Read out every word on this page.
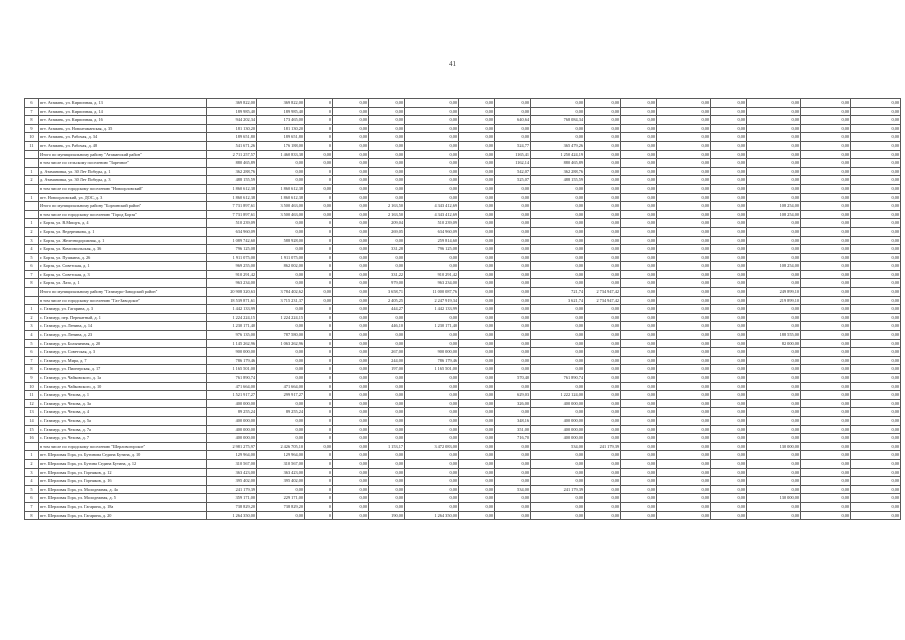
41
6	пгт. Атамань, ул. Кирпичная, д. 13	369 822,00	369 822,00	0	0,00	0,00	0,00	0,00	0,00	0,00	0,00	0,00	0,00	0,00	0,00	0,00	0,00
7	пгт. Атамань, ул. Кирпичная, д. 14	189 985,40	189 985,40	0	0,00	0,00	0,00	0,00	0,00	0,00	0,00	0,00	0,00	0,00	0,00	0,00	0,00
8	пгт. Атамань, ул. Кирпичная, д. 16	944 202,34	173 465,00	0	0,00	0,00	0,00	0,00	640,64	768 084,34	0,00	0,00	0,00	0,00	0,00	0,00	0,00
9	пгт. Атамань, ул. Новоатаманская, д. 35	181 130,20	181 130,20	0	0,00	0,00	0,00	0,00	0,00	0,00	0,00	0,00	0,00	0,00	0,00	0,00	0,00
10	пгт. Атамань, ул. Рабочая, д. 34	189 651,80	189 651,80	0	0,00	0,00	0,00	0,00	0,00	0,00	0,00	0,00	0,00	0,00	0,00	0,00	0,00
11	пгт. Атамань, ул. Рабочая, д. 48	541 671,26	176 188,00	0	0,00	0,00	0,00	0,00	524,77	365 479,26	0,00	0,00	0,00	0,00	0,00	0,00	0,00
	Итого по муниципальному району "Атаманский район"	2 711 257,57	1 460 833,38	0,00	0,00	0,00	0,00	0,00	1165,41	1 250 424,19	0,00	0,00	0,00	0,00	0,00	0,00	0,00
	в том числе по сельскому поселению "Заречное"	880 465,89	0,00	0,00	0,00	0,00	0,00	0,00	1162,14	880 465,89	0,00	0,00	0,00	0,00	0,00	0,00	0,00
1	д. Атамановка, ул. 30 Лет Победы, д. 1	362 288,76	0,00	0	0,00	0,00	0,00	0,00	542,07	362 288,76	0,00	0,00	0,00	0,00	0,00	0,00	0,00
2	д. Атамановка, ул. 30 Лет Победы, д. 3	488 155,59	0,00	0	0,00	0,00	0,00	0,00	525,07	488 155,59	0,00	0,00	0,00	0,00	0,00	0,00	0,00
	в том числе по городскому поселению "Новоорловский"	1 860 612,38	1 860 612,38	0,00	0,00	0,00	0,00	0,00	0,00	0,00	0,00	0,00	0,00	0,00	0,00	0,00	0,00
1	пгт. Новоорловский, ул. ДОС, д. 3	1 860 612,38	1 860 612,38	0	0,00	0,00	0,00	0,00	0,00	0,00	0,00	0,00	0,00	0,00	0,00	0,00	0,00
	Итого по муниципальному району "Борзинский район"	7 731 897,61	3 500 463,00	0,00	0,00	2 163,50	4 343 412,69	0,00	0,00	0,00	0,00	0,00	0,00	0,00	108 254,00	0,00	0,00
	в том числе по городскому поселению "Город Борзя"	7 731 897,61	3 500 463,00	0,00	0,00	2 163,50	4 343 412,69	0,00	0,00	0,00	0,00	0,00	0,00	0,00	108 254,00	0,00	0,00
1	г. Борзя, ул. В.Мищук, д. 4	510 239,09	0,00	0	0,00	209,04	510 239,09	0,00	0,00	0,00	0,00	0,00	0,00	0,00	0,00	0,00	0,00
2	г. Борзя, ул. Ведерникова, д. 1	634 960,09	0,00	0	0,00	269,05	634 960,09	0,00	0,00	0,00	0,00	0,00	0,00	0,00	0,00	0,00	0,00
3	г. Борзя, ул. Железнодорожная, д. 1	1 089 742,60	588 928,00	0	0,00	0,00	259 814,60	0,00	0,00	0,00	0,00	0,00	0,00	0,00	0,00	0,00	0,00
4	г. Борзя, ул. Комсомольская, д. 36	796 125,08	0,00	0	0,00	331,28	796 125,08	0,00	0,00	0,00	0,00	0,00	0,00	0,00	0,00	0,00	0,00
5	г. Борзя, ул. Пушкина, д. 26	1 911 075,00	1 911 075,00	0	0,00	0,00	0,00	0,00	0,00	0,00	0,00	0,00	0,00	0,00	0,00	0,00	0,00
6	г. Борзя, ул. Советская, д. 1	969 255,00	862 002,00	0	0,00	0,00	0,00	0,00	0,00	0,00	0,00	0,00	0,00	0,00	108 254,00	0,00	0,00
7	г. Борзя, ул. Советская, д. 3	910 291,42	0,00	0	0,00	331,22	910 291,42	0,00	0,00	0,00	0,00	0,00	0,00	0,00	0,00	0,00	0,00
8	г. Борзя, ул. Лазо, д. 1	963 234,00	0,00	0	0,00	979,00	963 234,00	0,00	0,00	0,00	0,00	0,00	0,00	0,00	0,00	0,00	0,00
	Итого по муниципальному району "Газимуро-Заводский район"	20 908 320,63	3 784 402,62	0,00	0,00	3 658,71	11 000 087,76	0,00	0,00	721,74	2 734 947,42	0,00	0,00	0,00	249 899,10	0,00	0,00
	в том числе по городскому поселению "Газ-Заводское"	18 539 871,61	3 715 231,37	0,00	0,00	2 405,25	2 247 919,34	0,00	0,00	3 621,74	2 734 947,42	0,00	0,00	0,00	219 899,10	0,00	0,00
1	с. Газимур, ул. Гагарина, д. 3	1 442 133,99	0,00	0	0,00	444,27	1 442 133,99	0,00	0,00	0,00	0,00	0,00	0,00	0,00	0,00	0,00	0,00
2	с. Газимур, пер. Перекатный, д. 1	1 224 224,15	1 224 224,15	0	0,00	0,00	0,00	0,00	0,00	0,00	0,00	0,00	0,00	0,00	0,00	0,00	0,00
3	с. Газимур, ул. Ленина, д. 14	1 230 171,40	0,00	0	0,00	446,10	1 230 171,40	0,00	0,00	0,00	0,00	0,00	0,00	0,00	0,00	0,00	0,00
4	с. Газимур, ул. Ленина, д. 23	976 135,00	787 580,00	0	0,00	0,00	0,00	0,00	0,00	0,00	0,00	0,00	0,00	0,00	188 555,00	0,00	0,00
5	с. Газимур, ул. Больничная, д. 20	1 145 262,96	1 063 262,96	0	0,00	0,00	0,00	0,00	0,00	0,00	0,00	0,00	0,00	0,00	82 000,00	0,00	0,00
6	с. Газимур, ул. Советская, д. 3	900 000,00	0,00	0	0,00	267,00	900 000,00	0,00	0,00	0,00	0,00	0,00	0,00	0,00	0,00	0,00	0,00
7	с. Газимур, ул. Мира, д. 7	786 179,46	0,00	0	0,00	244,00	786 179,46	0,00	0,00	0,00	0,00	0,00	0,00	0,00	0,00	0,00	0,00
8	с. Газимур, ул. Пионерская, д. 17	1 165 501,00	0,00	0	0,00	197,00	1 165 501,00	0,00	0,00	0,00	0,00	0,00	0,00	0,00	0,00	0,00	0,00
9	с. Газимур, ул. Чайковского, д. 1а	761 890,74	0,00	0	0,00	0,00	0,00	0,00	570,40	761 890,74	0,00	0,00	0,00	0,00	0,00	0,00	0,00
10	с. Газимур, ул. Чайковского, д. 10	471 664,00	471 664,00	0	0,00	0,00	0,00	0,00	0,00	0,00	0,00	0,00	0,00	0,00	0,00	0,00	0,00
11	с. Газимур, ул. Чехова, д. 1	1 521 917,27	299 917,27	0	0,00	0,00	0,00	0,00	629,03	1 222 124,00	0,00	0,00	0,00	0,00	0,00	0,00	0,00
12	с. Газимур, ул. Чехова, д. 3а	400 000,00	0,00	0	0,00	0,00	0,00	0,00	326,00	400 000,00	0,00	0,00	0,00	0,00	0,00	0,00	0,00
13	с. Газимур, ул. Чехова, д. 4	89 255,24	89 255,24	0	0,00	0,00	0,00	0,00	0,00	0,00	0,00	0,00	0,00	0,00	0,00	0,00	0,00
14	с. Газимур, ул. Чехова, д. 5а	400 000,00	0,00	0	0,00	0,00	0,00	0,00	348,16	400 000,00	0,00	0,00	0,00	0,00	0,00	0,00	0,00
15	с. Газимур, ул. Чехова, д. 7а	400 000,00	0,00	0	0,00	0,00	0,00	0,00	351,00	400 000,00	0,00	0,00	0,00	0,00	0,00	0,00	0,00
16	с. Газимур, ул. Чехова, д. 7	400 000,00	0,00	0	0,00	0,00	0,00	0,00	716,70	400 000,00	0,00	0,00	0,00	0,00	0,00	0,00	0,00
	в том числе по городскому поселению "Шерловогорское"	2 981 275,97	2 426 705,10	0,00	0,00	1 153,17	3 472 083,00	0,00	0,00	534,00	241 179,39	0,00	0,00	0,00	130 000,00	0,00	0,00
1	пгт. Шерловая Гора, ул. Бутинова Седина Бутина, д. 10	129 964,00	129 964,00	0	0,00	0,00	0,00	0,00	0,00	0,00	0,00	0,00	0,00	0,00	0,00	0,00	0,00
2	пгт. Шерловая Гора, ул. Бутина Седина Бутина, д. 12	310 567,00	310 567,00	0	0,00	0,00	0,00	0,00	0,00	0,00	0,00	0,00	0,00	0,00	0,00	0,00	0,00
3	пгт. Шерловая Гора, ул. Горняков, д. 12	363 423,00	363 423,00	0	0,00	0,00	0,00	0,00	0,00	0,00	0,00	0,00	0,00	0,00	0,00	0,00	0,00
4	пгт. Шерловая Гора, ул. Горняков, д. 16	395 402,00	395 402,00	0	0,00	0,00	0,00	0,00	0,00	0,00	0,00	0,00	0,00	0,00	0,00	0,00	0,00
5	пгт. Шерловая Гора, ул. Молодежная, д. 4а	241 179,39	0,00	0	0,00	0,00	0,00	0,00	534,00	241 179,39	0,00	0,00	0,00	0,00	0,00	0,00	0,00
6	пгт. Шерловая Гора, ул. Молодежная, д. 5	359 171,00	229 171,00	0	0,00	0,00	0,00	0,00	0,00	0,00	0,00	0,00	0,00	0,00	130 000,00	0,00	0,00
7	пгт. Шерловая Гора, ул. Гагарина, д. 18а	738 829,20	738 829,20	0	0,00	0,00	0,00	0,00	0,00	0,00	0,00	0,00	0,00	0,00	0,00	0,00	0,00
8	пгт. Шерловая Гора, ул. Гагарина, д. 20	1 264 350,00	0,00	0	0,00	190,00	1 264 350,00	0,00	0,00	0,00	0,00	0,00	0,00	0,00	0,00	0,00	0,00
